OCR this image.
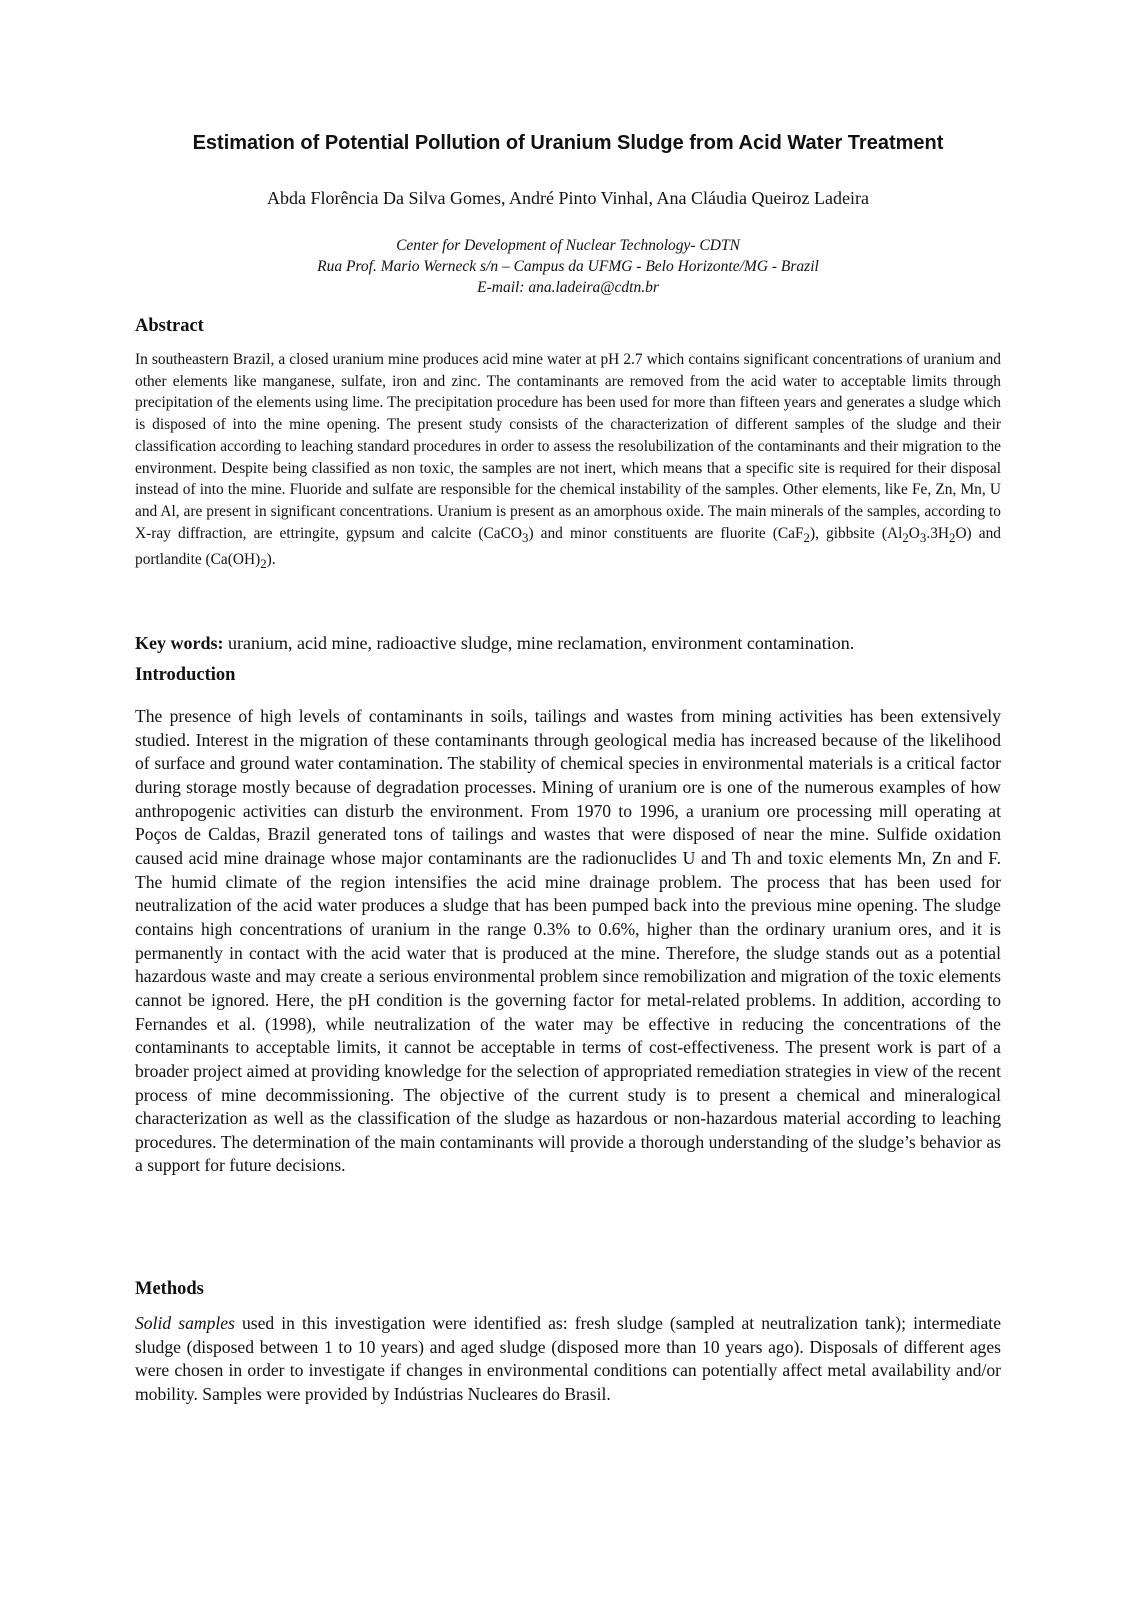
Estimation of Potential Pollution of Uranium Sludge from Acid Water Treatment
Abda Florência Da Silva Gomes, André Pinto Vinhal, Ana Cláudia Queiroz Ladeira
Center for Development of Nuclear Technology- CDTN
Rua Prof. Mario Werneck s/n – Campus da UFMG - Belo Horizonte/MG - Brazil
E-mail: ana.ladeira@cdtn.br
Abstract

In southeastern Brazil, a closed uranium mine produces acid mine water at pH 2.7 which contains significant concentrations of uranium and other elements like manganese, sulfate, iron and zinc. The contaminants are removed from the acid water to acceptable limits through precipitation of the elements using lime. The precipitation procedure has been used for more than fifteen years and generates a sludge which is disposed of into the mine opening. The present study consists of the characterization of different samples of the sludge and their classification according to leaching standard procedures in order to assess the resolubilization of the contaminants and their migration to the environment. Despite being classified as non toxic, the samples are not inert, which means that a specific site is required for their disposal instead of into the mine. Fluoride and sulfate are responsible for the chemical instability of the samples. Other elements, like Fe, Zn, Mn, U and Al, are present in significant concentrations. Uranium is present as an amorphous oxide. The main minerals of the samples, according to X-ray diffraction, are ettringite, gypsum and calcite (CaCO$_3$) and minor constituents are fluorite (CaF$_2$), gibbsite $(Al_2O_3.3H_2O)$ and portlandite $(Ca(OH)_2)$.

Key words: uranium, acid mine, radioactive sludge, mine reclamation, environment contamination.

Introduction

The presence of high levels of contaminants in soils, tailings and wastes from mining activities has been extensively studied. Interest in the migration of these contaminants through geological media has increased because of the likelihood of surface and ground water contamination. The stability of chemical species in environmental materials is a critical factor during storage mostly because of degradation processes. Mining of uranium ore is one of the numerous examples of how anthropogenic activities can disturb the environment. From 1970 to 1996, a uranium ore processing mill operating at Poços de Caldas, Brazil generated tons of tailings and wastes that were disposed of near the mine. Sulfide oxidation caused acid mine drainage whose major contaminants are the radionuclides U and Th and toxic elements Mn, Zn and F. The humid climate of the region intensifies the acid mine drainage problem. The process that has been used for neutralization of the acid water produces a sludge that has been pumped back into the previous mine opening. The sludge contains high concentrations of uranium in the range 0.3% to 0.6%, higher than the ordinary uranium ores, and it is permanently in contact with the acid water that is produced at the mine. Therefore, the sludge stands out as a potential hazardous waste and may create a serious environmental problem since remobilization and migration of the toxic elements cannot be ignored. Here, the pH condition is the governing factor for metal-related problems. In addition, according to Fernandes et al. (1998), while neutralization of the water may be effective in reducing the concentrations of the contaminants to acceptable limits, it cannot be acceptable in terms of cost-effectiveness. The present work is part of a broader project aimed at providing knowledge for the selection of appropriated remediation strategies in view of the recent process of mine decommissioning. The objective of the current study is to present a chemical and mineralogical characterization as well as the classification of the sludge as hazardous or non-hazardous material according to leaching procedures. The determination of the main contaminants will provide a thorough understanding of the sludge’s behavior as a support for future decisions.

Methods

Solid samples used in this investigation were identified as: fresh sludge (sampled at neutralization tank); intermediate sludge (disposed between 1 to 10 years) and aged sludge (disposed more than 10 years ago). Disposals of different ages were chosen in order to investigate if changes in environmental conditions can potentially affect metal availability and/or mobility. Samples were provided by Indústrias Nucleares do Brasil.
